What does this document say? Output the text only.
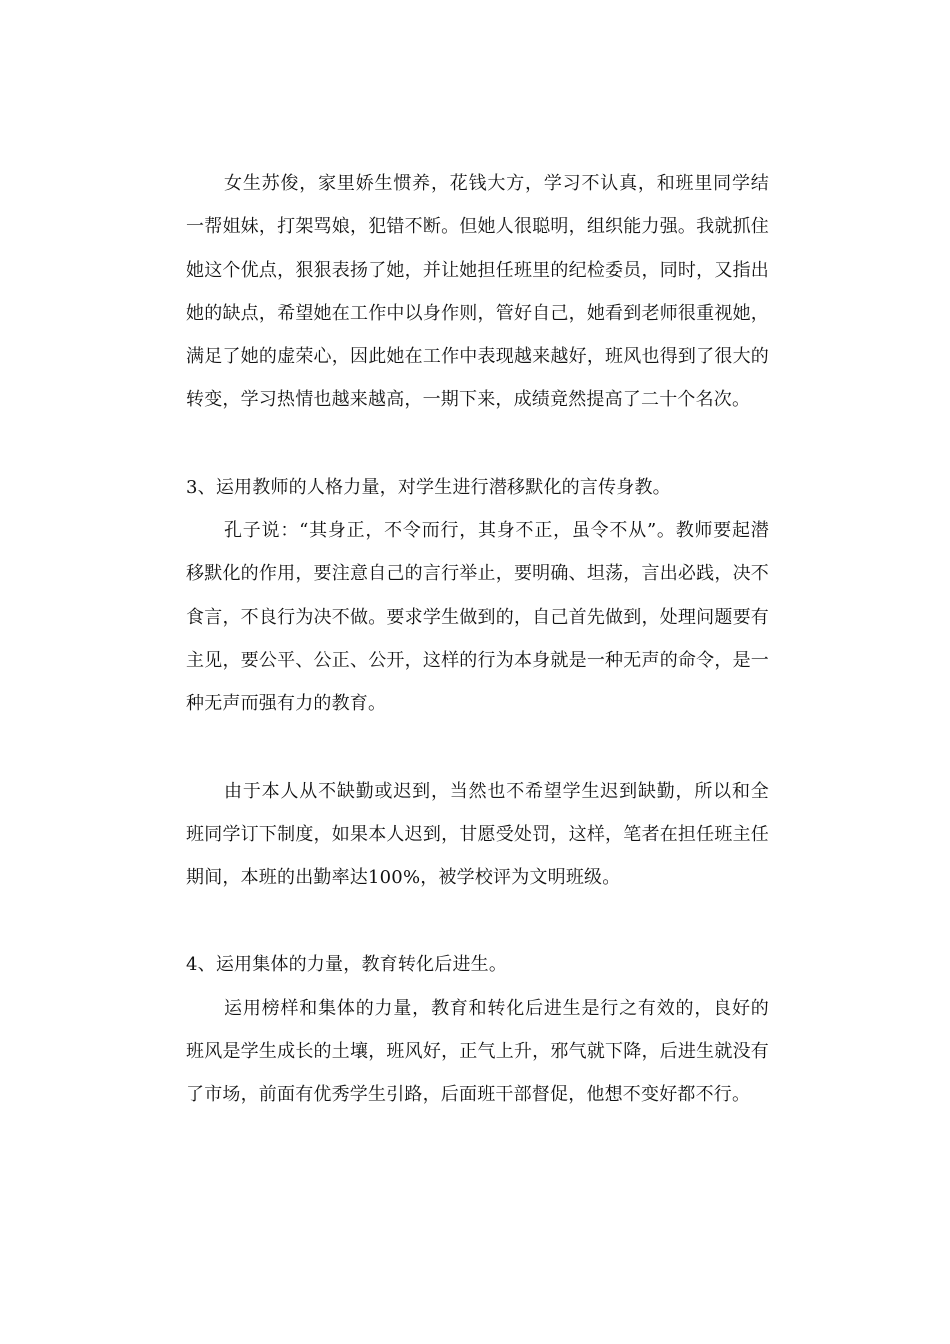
女生苏俊，家里娇生惯养，花钱大方，学习不认真，和班里同学结一帮姐妹，打架骂娘，犯错不断。但她人很聪明，组织能力强。我就抓住她这个优点，狠狠表扬了她，并让她担任班里的纪检委员，同时，又指出她的缺点，希望她在工作中以身作则，管好自己，她看到老师很重视她，满足了她的虚荣心，因此她在工作中表现越来越好，班风也得到了很大的转变，学习热情也越来越高，一期下来，成绩竟然提高了二十个名次。

3、运用教师的人格力量，对学生进行潜移默化的言传身教。

孔子说：“其身正，不令而行，其身不正，虽令不从”。教师要起潜移默化的作用，要注意自己的言行举止，要明确、坦荡，言出必践，决不食言，不良行为决不做。要求学生做到的，自己首先做到，处理问题要有主见，要公平、公正、公开，这样的行为本身就是一种无声的命令，是一种无声而强有力的教育。

由于本人从不缺勤或迟到，当然也不希望学生迟到缺勤，所以和全班同学订下制度，如果本人迟到，甘愿受处罚，这样，笔者在担任班主任期间，本班的出勤率达100%，被学校评为文明班级。

4、运用集体的力量，教育转化后进生。

运用榜样和集体的力量，教育和转化后进生是行之有效的，良好的班风是学生成长的土壤，班风好，正气上升，邪气就下降，后进生就没有了市场，前面有优秀学生引路，后面班干部督促，他想不变好都不行。
